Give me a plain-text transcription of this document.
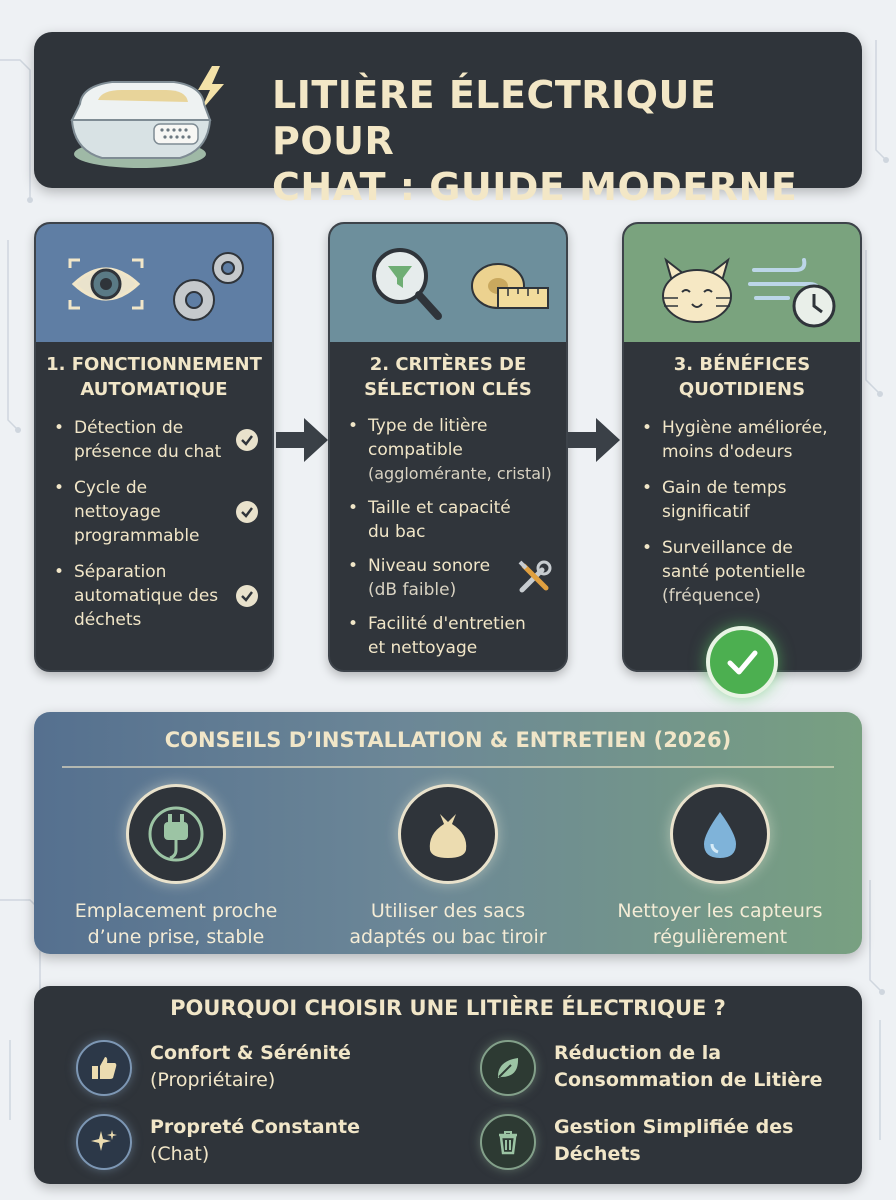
LITIÈRE ÉLECTRIQUE POUR
CHAT : GUIDE MODERNE
1. FONCTIONNEMENT
AUTOMATIQUE
• Détection de
présence du chat
• Cycle de
nettoyage
programmable
• Séparation
automatique des
déchets
2. CRITÈRES DE
SÉLECTION CLÉS
• Type de litière
compatible
(agglomérante, cristal)
• Taille et capacité
du bac
• Niveau sonore
(dB faible)
• Facilité d'entretien
et nettoyage
3. BÉNÉFICES
QUOTIDIENS
• Hygiène améliorée,
moins d'odeurs
• Gain de temps
significatif
• Surveillance de
santé potentielle
(fréquence)
CONSEILS D’INSTALLATION & ENTRETIEN (2026)
Emplacement proche
d’une prise, stable
Utiliser des sacs
adaptés ou bac tiroir
Nettoyer les capteurs
régulièrement
POURQUOI CHOISIR UNE LITIÈRE ÉLECTRIQUE ?
Confort & Sérénité
(Propriétaire)
Réduction de la
Consommation de Litière
Propreté Constante
(Chat)
Gestion Simplifiée des
Déchets
